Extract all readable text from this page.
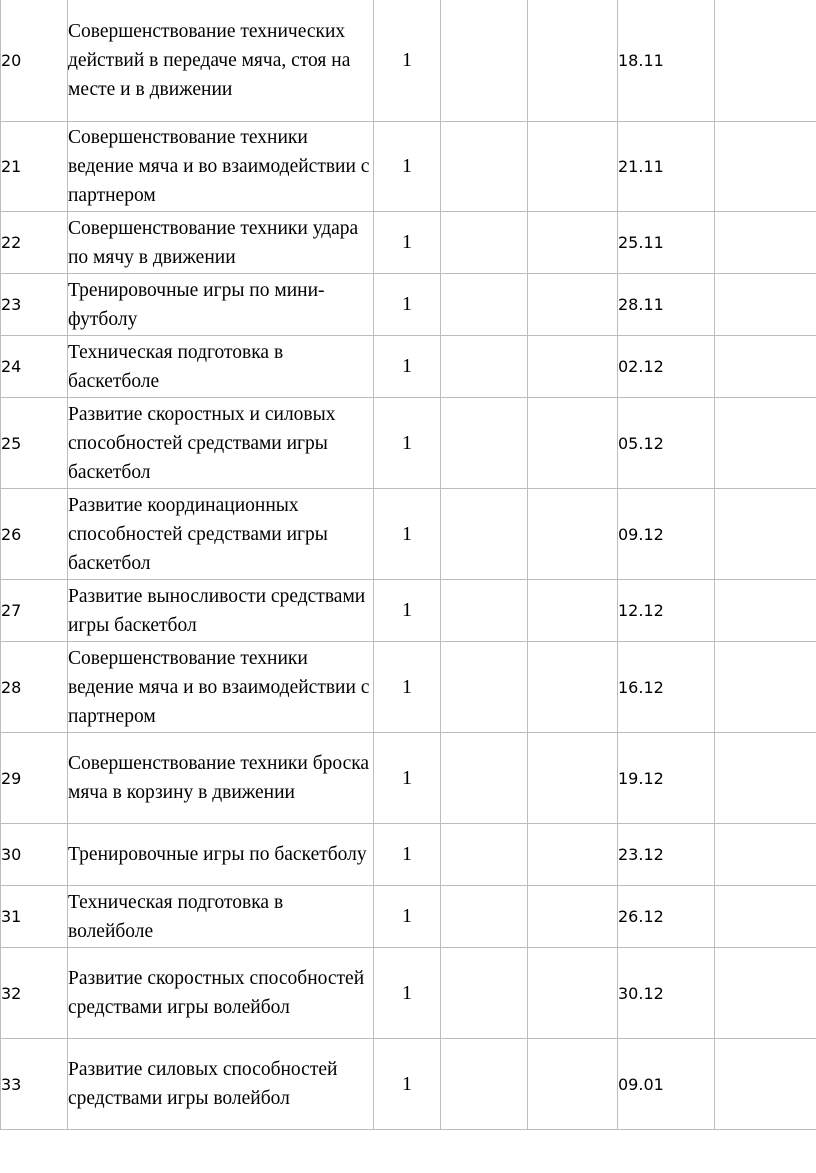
20	Совершенствование технических действий в передаче мяча, стоя на месте и в движении	1			18.11	
21	Совершенствование техники ведение мяча и во взаимодействии с партнером	1			21.11	
22	Совершенствование техники удара по мячу в движении	1			25.11	
23	Тренировочные игры по мини-футболу	1			28.11	
24	Техническая подготовка в баскетболе	1			02.12	
25	Развитие скоростных и силовых способностей средствами игры баскетбол	1			05.12	
26	Развитие координационных способностей средствами игры баскетбол	1			09.12	
27	Развитие выносливости средствами игры баскетбол	1			12.12	
28	Совершенствование техники ведение мяча и во взаимодействии с партнером	1			16.12	
29	Совершенствование техники броска мяча в корзину в движении	1			19.12	
30	Тренировочные игры по баскетболу	1			23.12	
31	Техническая подготовка в волейболе	1			26.12	
32	Развитие скоростных способностей средствами игры волейбол	1			30.12	
33	Развитие силовых способностей средствами игры волейбол	1			09.01	
